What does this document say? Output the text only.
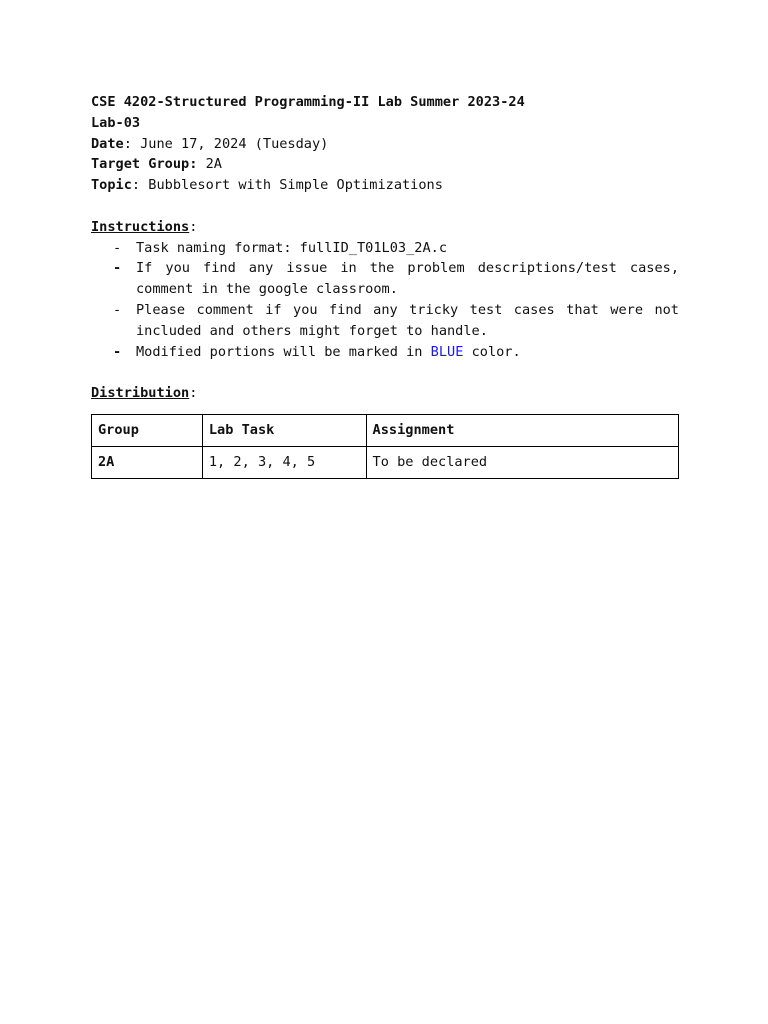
CSE 4202-Structured Programming-II Lab Summer 2023-24
Lab-03
Date: June 17, 2024 (Tuesday)
Target Group: 2A
Topic: Bubblesort with Simple Optimizations
Instructions:
- Task naming format: fullID_T01L03_2A.c
- If you find any issue in the problem descriptions/test cases, comment in the google classroom.
- Please comment if you find any tricky test cases that were not included and others might forget to handle.
- Modified portions will be marked in BLUE color.
Distribution:
Group	Lab Task	Assignment
2A	1, 2, 3, 4, 5	To be declared
